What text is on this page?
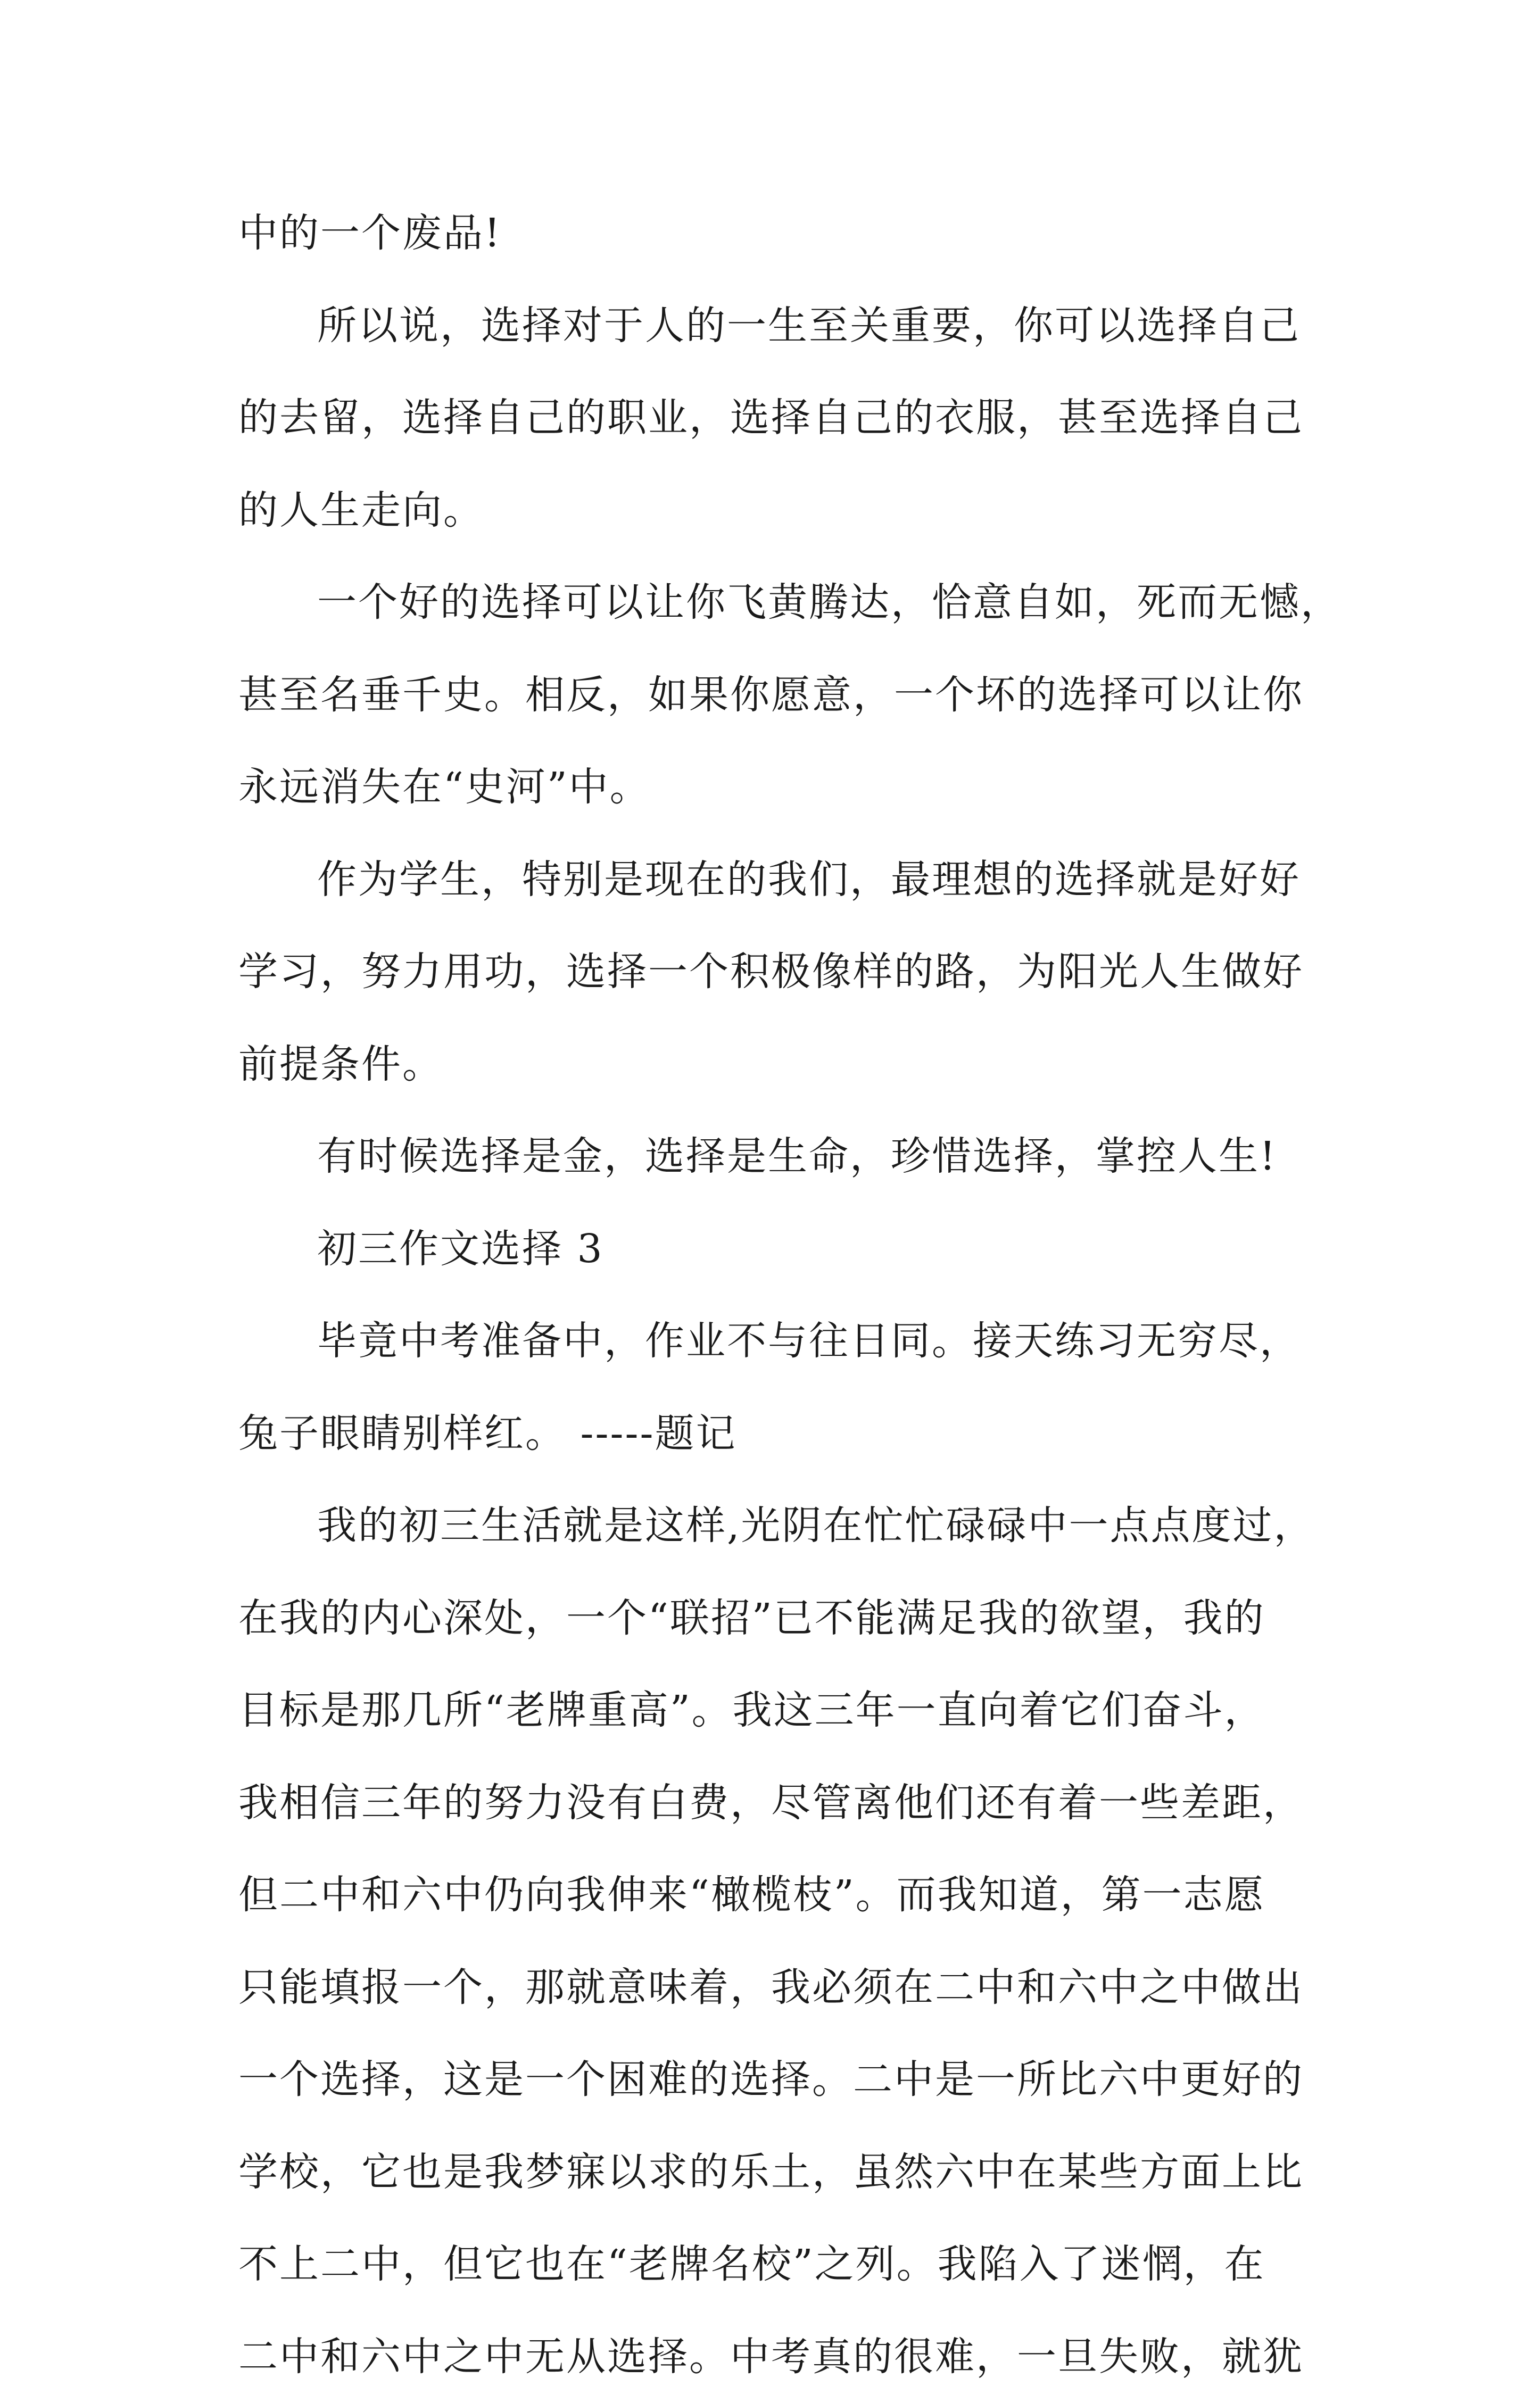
中的一个废品!
所以说，选择对于人的一生至关重要，你可以选择自己
的去留，选择自己的职业，选择自己的衣服，甚至选择自己
的人生走向。
一个好的选择可以让你飞黄腾达，恰意自如，死而无憾，
甚至名垂千史。相反，如果你愿意，一个坏的选择可以让你
永远消失在“史河”中。
作为学生，特别是现在的我们，最理想的选择就是好好
学习，努力用功，选择一个积极像样的路，为阳光人生做好
前提条件。
有时候选择是金，选择是生命，珍惜选择，掌控人生!
初三作文选择 3
毕竟中考准备中，作业不与往日同。接天练习无穷尽，
兔子眼睛别样红。 -----题记
我的初三生活就是这样,光阴在忙忙碌碌中一点点度过，
在我的内心深处，一个“联招”已不能满足我的欲望，我的
目标是那几所“老牌重高”。我这三年一直向着它们奋斗，
我相信三年的努力没有白费，尽管离他们还有着一些差距，
但二中和六中仍向我伸来“橄榄枝”。而我知道，第一志愿
只能填报一个，那就意味着，我必须在二中和六中之中做出
一个选择，这是一个困难的选择。二中是一所比六中更好的
学校，它也是我梦寐以求的乐土，虽然六中在某些方面上比
不上二中，但它也在“老牌名校”之列。我陷入了迷惘，在
二中和六中之中无从选择。中考真的很难，一旦失败，就犹
